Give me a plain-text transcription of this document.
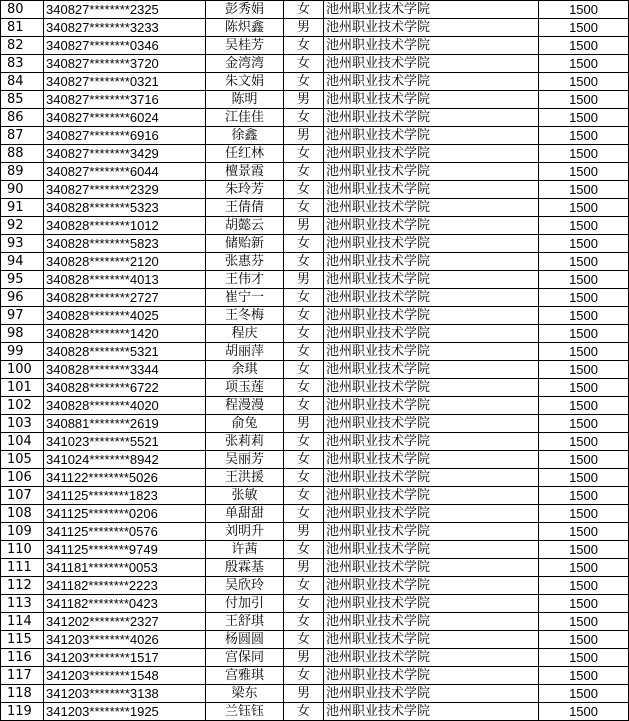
80	340827********2325	彭秀娟	女	池州职业技术学院	1500
81	340827********3233	陈炽鑫	男	池州职业技术学院	1500
82	340827********0346	吴桂芳	女	池州职业技术学院	1500
83	340827********3720	金湾湾	女	池州职业技术学院	1500
84	340827********0321	朱文娟	女	池州职业技术学院	1500
85	340827********3716	陈明	男	池州职业技术学院	1500
86	340827********6024	江佳佳	女	池州职业技术学院	1500
87	340827********6916	徐鑫	男	池州职业技术学院	1500
88	340827********3429	任红林	女	池州职业技术学院	1500
89	340827********6044	檀景霞	女	池州职业技术学院	1500
90	340827********2329	朱玲芳	女	池州职业技术学院	1500
91	340828********5323	王倩倩	女	池州职业技术学院	1500
92	340828********1012	胡懿云	男	池州职业技术学院	1500
93	340828********5823	储贻新	女	池州职业技术学院	1500
94	340828********2120	张惠芬	女	池州职业技术学院	1500
95	340828********4013	王伟才	男	池州职业技术学院	1500
96	340828********2727	崔宁一	女	池州职业技术学院	1500
97	340828********4025	王冬梅	女	池州职业技术学院	1500
98	340828********1420	程庆	女	池州职业技术学院	1500
99	340828********5321	胡丽萍	女	池州职业技术学院	1500
100	340828********3344	余琪	女	池州职业技术学院	1500
101	340828********6722	项玉莲	女	池州职业技术学院	1500
102	340828********4020	程漫漫	女	池州职业技术学院	1500
103	340881********2619	俞兔	男	池州职业技术学院	1500
104	341023********5521	张莉莉	女	池州职业技术学院	1500
105	341024********8942	吴丽芳	女	池州职业技术学院	1500
106	341122********5026	王洪援	女	池州职业技术学院	1500
107	341125********1823	张敏	女	池州职业技术学院	1500
108	341125********0206	单甜甜	女	池州职业技术学院	1500
109	341125********0576	刘明升	男	池州职业技术学院	1500
110	341125********9749	许茜	女	池州职业技术学院	1500
111	341181********0053	殷霖基	男	池州职业技术学院	1500
112	341182********2223	吴欣玲	女	池州职业技术学院	1500
113	341182********0423	付加引	女	池州职业技术学院	1500
114	341202********2327	王舒琪	女	池州职业技术学院	1500
115	341203********4026	杨圆圆	女	池州职业技术学院	1500
116	341203********1517	宫保同	男	池州职业技术学院	1500
117	341203********1548	宫雅琪	女	池州职业技术学院	1500
118	341203********3138	梁东	男	池州职业技术学院	1500
119	341203********1925	兰钰钰	女	池州职业技术学院	1500
